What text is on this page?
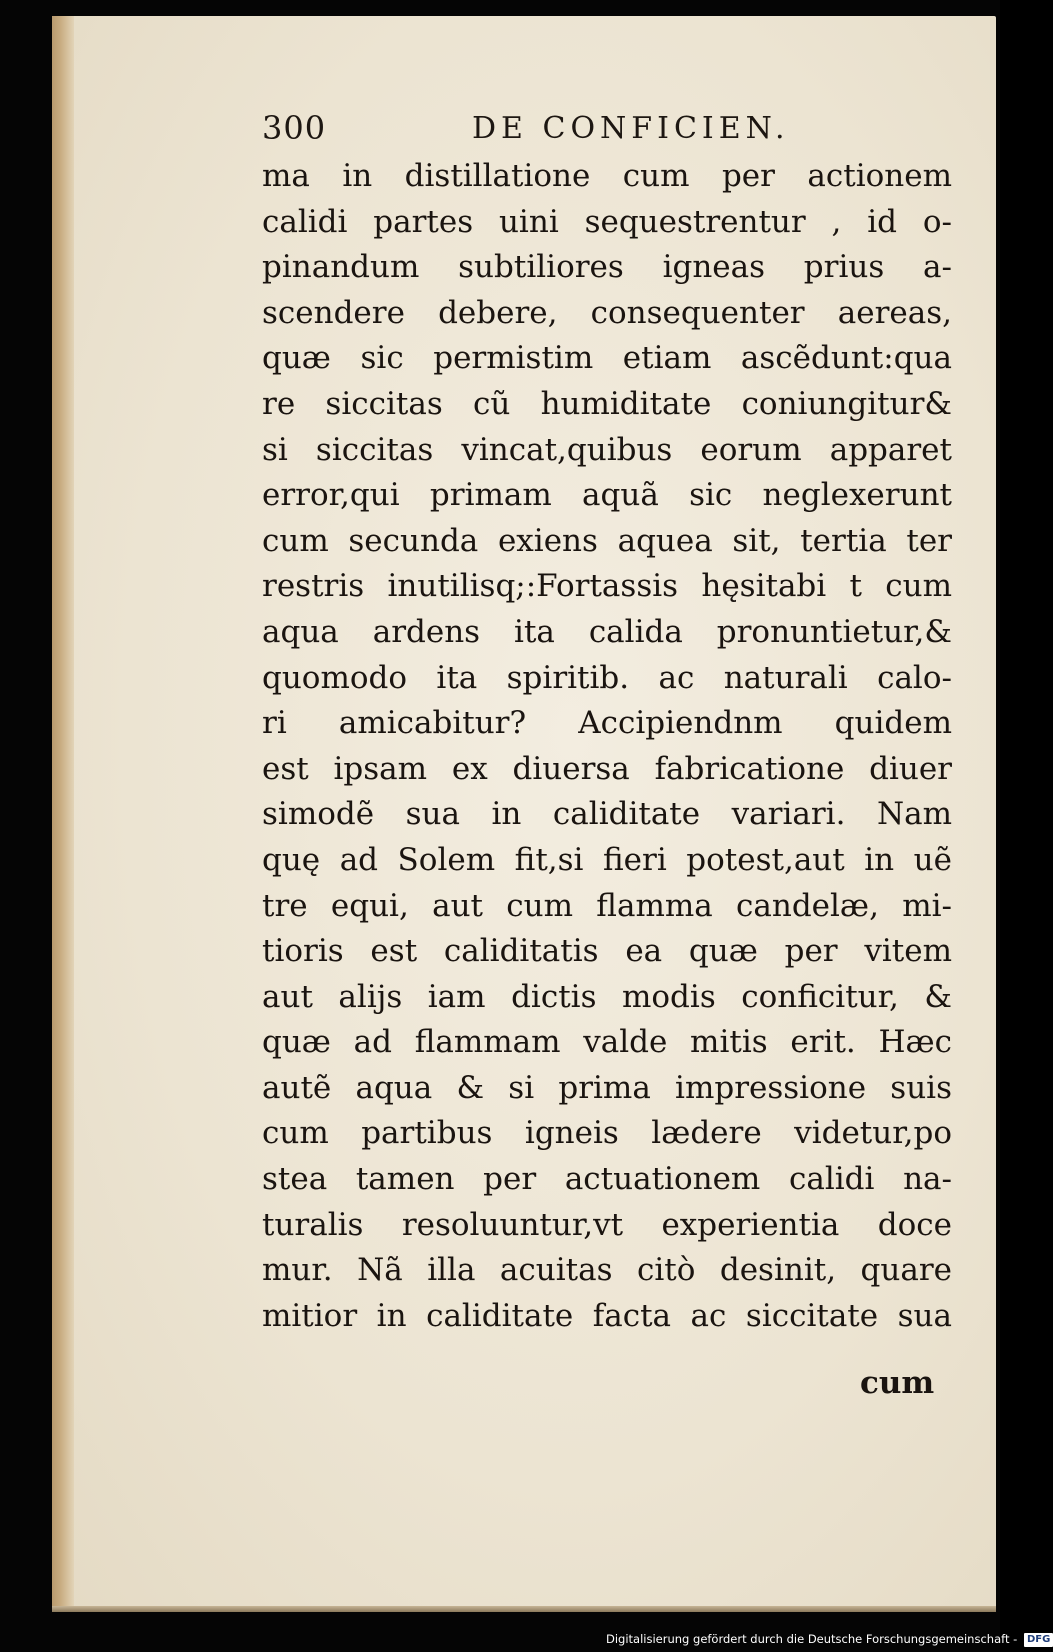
300	DE CONFICIEN.
ma in distillatione cum per actionem
calidi partes uini sequestrentur , id o-
pinandum subtiliores igneas prius a-
scendere debere, consequenter aereas,
quæ sic permistim etiam ascẽdunt:qua
re siccitas cũ humiditate coniungitur&
si siccitas vincat,quibus eorum apparet
error,qui primam aquã sic neglexerunt
cum secunda exiens aquea sit, tertia ter
restris inutilisq;:Fortassis hęsitabi t cum
aqua ardens ita calida pronuntietur,&
quomodo ita spiritib. ac naturali calo-
ri amicabitur? Accipiendnm quidem
est ipsam ex diuersa fabricatione diuer
simodẽ sua in caliditate variari. Nam
quę ad Solem fit,si fieri potest,aut in uẽ
tre equi, aut cum flamma candelæ, mi-
tioris est caliditatis ea quæ per vitem
aut alijs iam dictis modis conficitur, &
quæ ad flammam valde mitis erit. Hæc
autẽ aqua & si prima impressione suis
cum partibus igneis lædere videtur,po
stea tamen per actuationem calidi na-
turalis resoluuntur,vt experientia doce
mur. Nã illa acuitas citò desinit, quare
mitior in caliditate facta ac siccitate sua
cum
Digitalisierung gefördert durch die Deutsche Forschungsgemeinschaft - DFG
